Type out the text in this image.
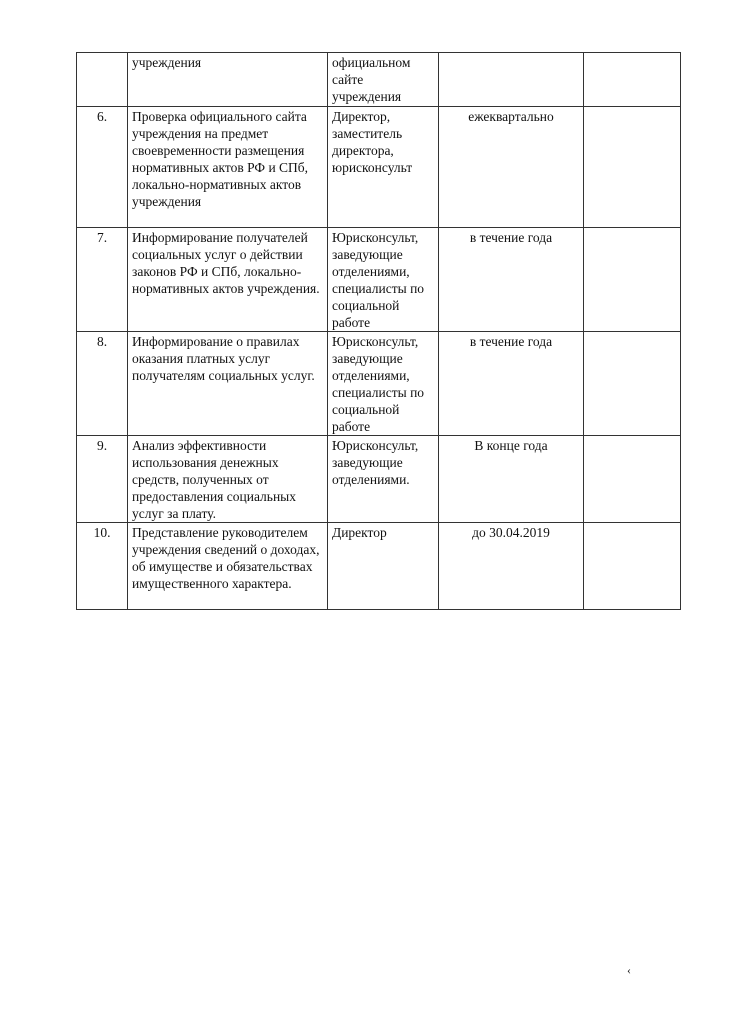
	учреждения	официальном сайте учреждения		
6.	Проверка официального сайта учреждения на предмет своевременности размещения нормативных актов РФ и СПб, локально-нормативных актов учреждения	Директор, заместитель директора, юрисконсульт	ежеквартально	
7.	Информирование получателей социальных услуг о действии законов РФ и СПб, локально-нормативных актов учреждения.	Юрисконсульт, заведующие отделениями, специалисты по социальной работе	в течение года	
8.	Информирование о правилах оказания платных услуг получателям социальных услуг.	Юрисконсульт, заведующие отделениями, специалисты по социальной работе	в течение года	
9.	Анализ эффективности использования денежных средств, полученных от предоставления социальных услуг за плату.	Юрисконсульт, заведующие отделениями.	В конце года	
10.	Представление руководителем учреждения сведений о доходах, об имуществе и обязательствах имущественного характера.	Директор	до 30.04.2019	
‹
